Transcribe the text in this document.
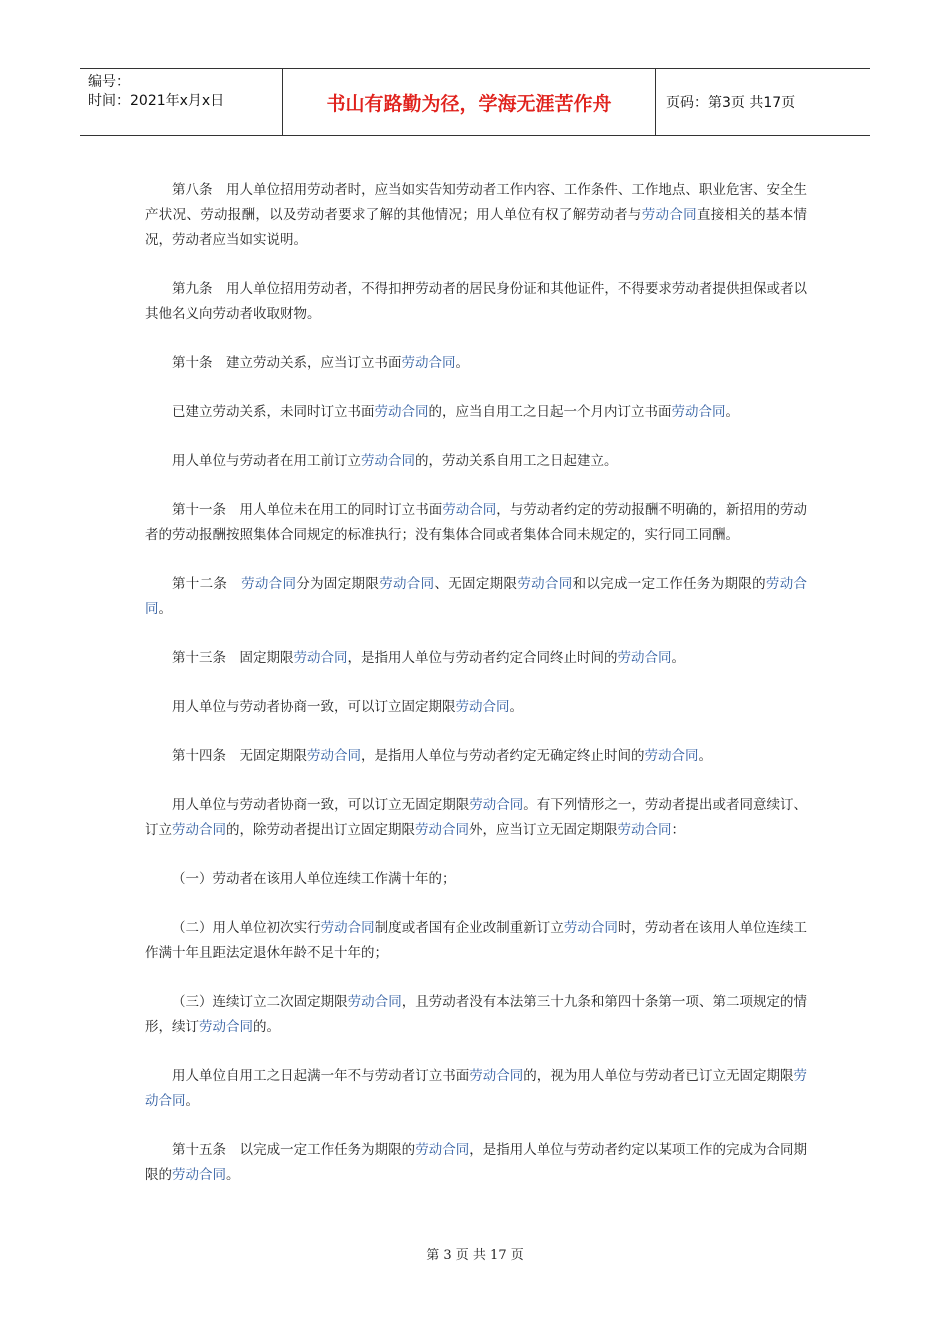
编号：
时间：2021年x月x日	书山有路勤为径，学海无涯苦作舟	页码：第3页 共17页

第八条　用人单位招用劳动者时，应当如实告知劳动者工作内容、工作条件、工作地点、职业危害、安全生产状况、劳动报酬，以及劳动者要求了解的其他情况；用人单位有权了解劳动者与劳动合同直接相关的基本情况，劳动者应当如实说明。

第九条　用人单位招用劳动者，不得扣押劳动者的居民身份证和其他证件，不得要求劳动者提供担保或者以其他名义向劳动者收取财物。

第十条　建立劳动关系，应当订立书面劳动合同。

已建立劳动关系，未同时订立书面劳动合同的，应当自用工之日起一个月内订立书面劳动合同。

用人单位与劳动者在用工前订立劳动合同的，劳动关系自用工之日起建立。

第十一条　用人单位未在用工的同时订立书面劳动合同，与劳动者约定的劳动报酬不明确的，新招用的劳动者的劳动报酬按照集体合同规定的标准执行；没有集体合同或者集体合同未规定的，实行同工同酬。

第十二条　劳动合同分为固定期限劳动合同、无固定期限劳动合同和以完成一定工作任务为期限的劳动合同。

第十三条　固定期限劳动合同，是指用人单位与劳动者约定合同终止时间的劳动合同。

用人单位与劳动者协商一致，可以订立固定期限劳动合同。

第十四条　无固定期限劳动合同，是指用人单位与劳动者约定无确定终止时间的劳动合同。

用人单位与劳动者协商一致，可以订立无固定期限劳动合同。有下列情形之一，劳动者提出或者同意续订、订立劳动合同的，除劳动者提出订立固定期限劳动合同外，应当订立无固定期限劳动合同：

（一）劳动者在该用人单位连续工作满十年的；

（二）用人单位初次实行劳动合同制度或者国有企业改制重新订立劳动合同时，劳动者在该用人单位连续工作满十年且距法定退休年龄不足十年的；

（三）连续订立二次固定期限劳动合同，且劳动者没有本法第三十九条和第四十条第一项、第二项规定的情形，续订劳动合同的。

用人单位自用工之日起满一年不与劳动者订立书面劳动合同的，视为用人单位与劳动者已订立无固定期限劳动合同。

第十五条　以完成一定工作任务为期限的劳动合同，是指用人单位与劳动者约定以某项工作的完成为合同期限的劳动合同。

第 3 页 共 17 页
